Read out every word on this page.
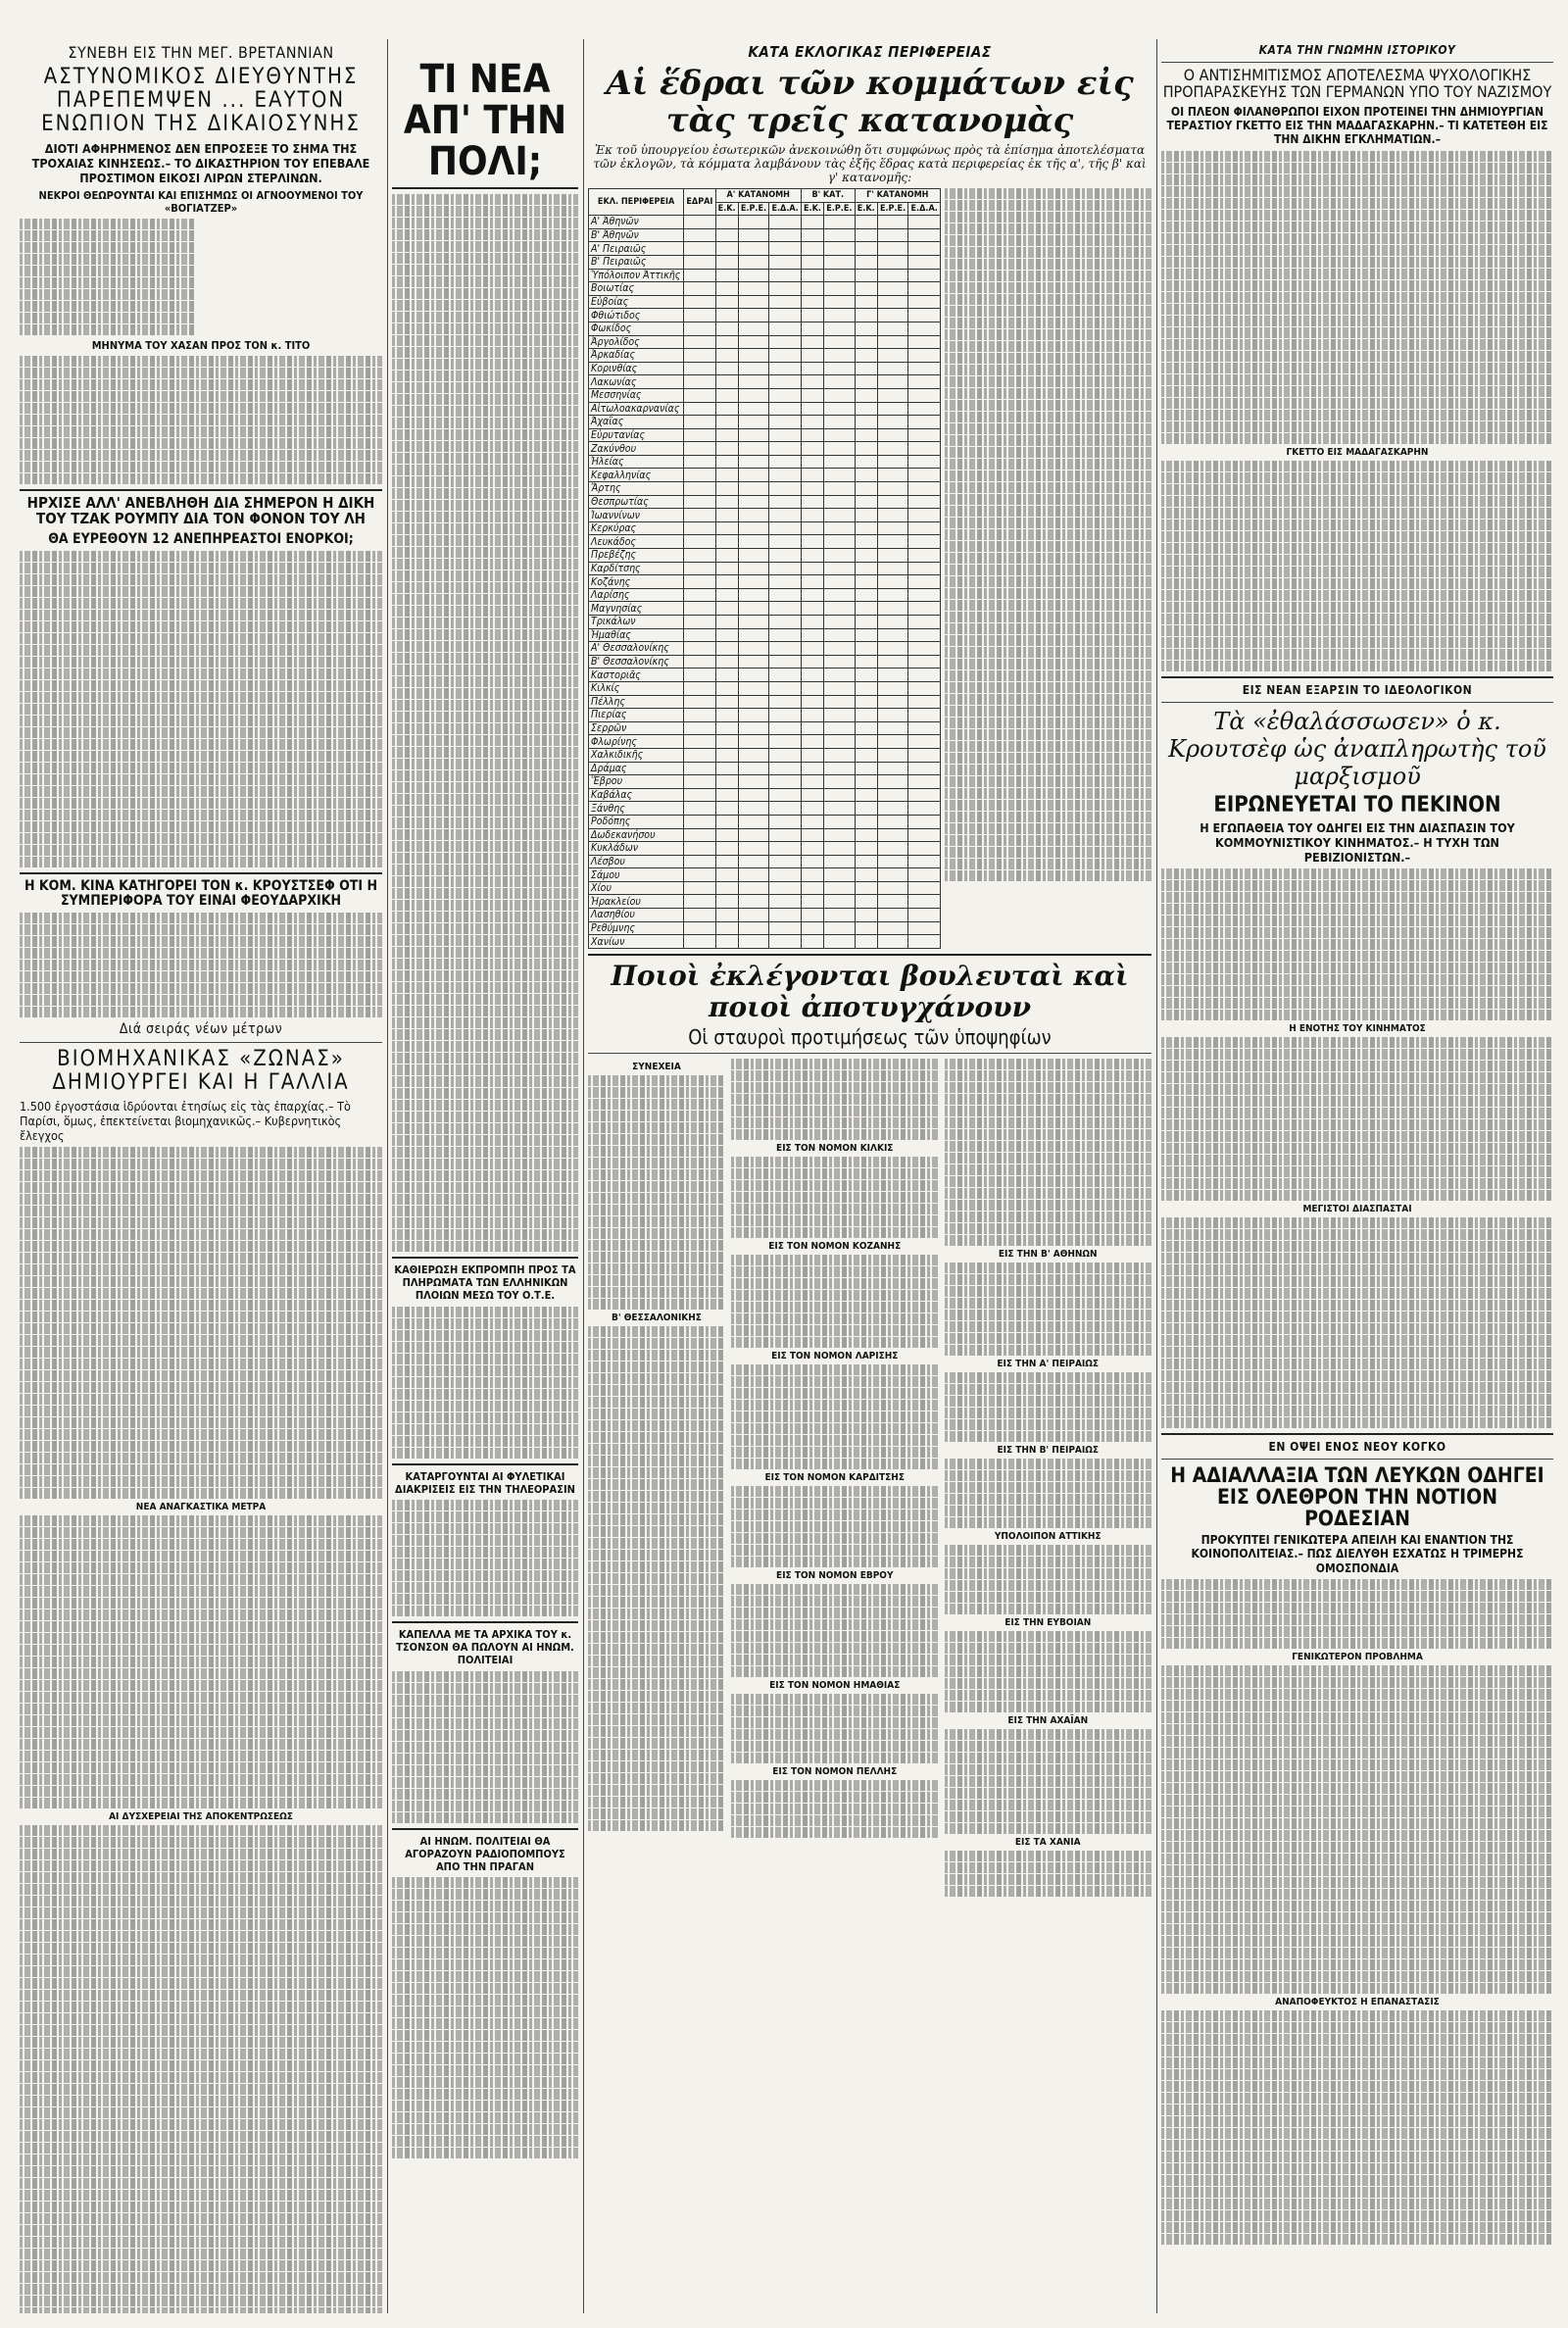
ΣΥΝΕΒΗ ΕΙΣ ΤΗΝ ΜΕΓ. ΒΡΕΤΑΝΝΙΑΝ
ΑΣΤΥΝΟΜΙΚΟΣ ΔΙΕΥΘΥΝΤΗΣ ΠΑΡΕΠΕΜΨΕΝ ... ΕΑΥΤΟΝ ΕΝΩΠΙΟΝ ΤΗΣ ΔΙΚΑΙΟΣΥΝΗΣ
ΔΙΟΤΙ ΑΦΗΡΗΜΕΝΟΣ ΔΕΝ ΕΠΡΟΣΕΞΕ ΤΟ ΣΗΜΑ ΤΗΣ ΤΡΟΧΑΙΑΣ ΚΙΝΗΣΕΩΣ.– ΤΟ ΔΙΚΑΣΤΗΡΙΟΝ ΤΟΥ ΕΠΕΒΑΛΕ ΠΡΟΣΤΙΜΟΝ ΕΙΚΟΣΙ ΛΙΡΩΝ ΣΤΕΡΛΙΝΩΝ.
ΝΕΚΡΟΙ ΘΕΩΡΟΥΝΤΑΙ ΚΑΙ ΕΠΙΣΗΜΩΣ ΟΙ ΑΓΝΟΟΥΜΕΝΟΙ ΤΟΥ «ΒΟΓΙΑΤΖΕΡ»
ΜΗΝΥΜΑ ΤΟΥ ΧΑΣΑΝ ΠΡΟΣ ΤΟΝ κ. ΤΙΤΟ
ΗΡΧΙΣΕ ΑΛΛ' ΑΝΕΒΛΗΘΗ ΔΙΑ ΣΗΜΕΡΟΝ Η ΔΙΚΗ ΤΟΥ ΤΖΑΚ ΡΟΥΜΠΥ ΔΙΑ ΤΟΝ ΦΟΝΟΝ ΤΟΥ ΛΗ
ΘΑ ΕΥΡΕΘΟΥΝ 12 ΑΝΕΠΗΡΕΑΣΤΟΙ ΕΝΟΡΚΟΙ;
Η ΚΟΜ. ΚΙΝΑ ΚΑΤΗΓΟΡΕΙ ΤΟΝ κ. ΚΡΟΥΣΤΣΕΦ ΟΤΙ Η ΣΥΜΠΕΡΙΦΟΡΑ ΤΟΥ ΕΙΝΑΙ ΦΕΟΥΔΑΡΧΙΚΗ
Διά σειράς νέων μέτρων
ΒΙΟΜΗΧΑΝΙΚΑΣ «ΖΩΝΑΣ» ΔΗΜΙΟΥΡΓΕΙ ΚΑΙ Η ΓΑΛΛΙΑ
1.500 ἐργοστάσια ἱδρύονται ἐτησίως εἰς τὰς ἐπαρχίας.– Τὸ Παρίσι, ὅμως, ἐπεκτείνεται βιομηχανικῶς.– Κυβερνητικὸς ἔλεγχος
ΝΕΑ ΑΝΑΓΚΑΣΤΙΚΑ ΜΕΤΡΑ
ΑΙ ΔΥΣΧΕΡΕΙΑΙ ΤΗΣ ΑΠΟΚΕΝΤΡΩΣΕΩΣ
ΤΙ ΝΕΑ ΑΠ' ΤΗΝ ΠΟΛΙ;
ΚΑΘΙΕΡΩΣΗ ΕΚΠΡΟΜΠΗ ΠΡΟΣ ΤΑ ΠΛΗΡΩΜΑΤΑ ΤΩΝ ΕΛΛΗΝΙΚΩΝ ΠΛΟΙΩΝ ΜΕΣΩ ΤΟΥ Ο.Τ.Ε.
ΚΑΤΑΡΓΟΥΝΤΑΙ ΑΙ ΦΥΛΕΤΙΚΑΙ ΔΙΑΚΡΙΣΕΙΣ ΕΙΣ ΤΗΝ ΤΗΛΕΟΡΑΣΙΝ
ΚΑΠΕΛΛΑ ΜΕ ΤΑ ΑΡΧΙΚΑ ΤΟΥ κ. ΤΣΟΝΣΟΝ ΘΑ ΠΩΛΟΥΝ ΑΙ ΗΝΩΜ. ΠΟΛΙΤΕΙΑΙ
ΑΙ ΗΝΩΜ. ΠΟΛΙΤΕΙΑΙ ΘΑ ΑΓΟΡΑΖΟΥΝ ΡΑΔΙΟΠΟΜΠΟΥΣ ΑΠΟ ΤΗΝ ΠΡΑΓΑΝ
ΚΑΤΑ ΕΚΛΟΓΙΚΑΣ ΠΕΡΙΦΕΡΕΙΑΣ
Αἱ ἕδραι τῶν κομμάτων εἰς τὰς τρεῖς κατανομὰς
Ἐκ τοῦ ὑπουργείου ἐσωτερικῶν ἀνεκοινώθη ὅτι συμφώνως πρὸς τὰ ἐπίσημα ἀποτελέσματα τῶν ἐκλογῶν, τὰ κόμματα λαμβάνουν τὰς ἑξῆς ἕδρας κατὰ περιφερείας ἐκ τῆς α', τῆς β' καὶ γ' κατανομῆς:
ΕΚΛ. ΠΕΡΙΦΕΡΕΙΑ	ΕΔΡΑΙ	Α' ΚΑΤΑΝΟΜΗ			Β' ΚΑΤ.		Γ' ΚΑΤΑΝΟΜΗ		
		Ε.Κ.	Ε.Ρ.Ε.	Ε.Δ.Α.	Ε.Κ.	Ε.Ρ.Ε.	Ε.Κ.	Ε.Ρ.Ε.	Ε.Δ.Α.
Α' Ἀθηνῶν									
Β' Ἀθηνῶν									
Α' Πειραιῶς									
Β' Πειραιῶς									
Ὑπόλοιπον Ἀττικῆς									
Βοιωτίας									
Εὐβοίας									
Φθιώτιδος									
Φωκίδος									
Ἀργολίδος									
Ἀρκαδίας									
Κορινθίας									
Λακωνίας									
Μεσσηνίας									
Αἰτωλοακαρνανίας									
Ἀχαΐας									
Εὐρυτανίας									
Ζακύνθου									
Ἠλείας									
Κεφαλληνίας									
Ἄρτης									
Θεσπρωτίας									
Ἰωαννίνων									
Κερκύρας									
Λευκάδος									
Πρεβέζης									
Καρδίτσης									
Κοζάνης									
Λαρίσης									
Μαγνησίας									
Τρικάλων									
Ἠμαθίας									
Α' Θεσσαλονίκης									
Β' Θεσσαλονίκης									
Καστοριᾶς									
Κιλκίς									
Πέλλης									
Πιερίας									
Σερρῶν									
Φλωρίνης									
Χαλκιδικῆς									
Δράμας									
Ἕβρου									
Καβάλας									
Ξάνθης									
Ροδόπης									
Δωδεκανήσου									
Κυκλάδων									
Λέσβου									
Σάμου									
Χίου									
Ἡρακλείου									
Λασηθίου									
Ρεθύμνης									
Χανίων									
Ποιοὶ ἐκλέγονται βουλευταὶ καὶ ποιοὶ ἀποτυγχάνουν
Οἱ σταυροὶ προτιμήσεως τῶν ὑποψηφίων
ΣΥΝΕΧΕΙΑ
Β' ΘΕΣΣΑΛΟΝΙΚΗΣ
ΕΙΣ ΤΟΝ ΝΟΜΟΝ ΚΙΛΚΙΣ
ΕΙΣ ΤΟΝ ΝΟΜΟΝ ΚΟΖΑΝΗΣ
ΕΙΣ ΤΟΝ ΝΟΜΟΝ ΛΑΡΙΣΗΣ
ΕΙΣ ΤΟΝ ΝΟΜΟΝ ΚΑΡΔΙΤΣΗΣ
ΕΙΣ ΤΟΝ ΝΟΜΟΝ ΕΒΡΟΥ
ΕΙΣ ΤΟΝ ΝΟΜΟΝ ΗΜΑΘΙΑΣ
ΕΙΣ ΤΟΝ ΝΟΜΟΝ ΠΕΛΛΗΣ
ΕΙΣ ΤΗΝ Β' ΑΘΗΝΩΝ
ΕΙΣ ΤΗΝ Α' ΠΕΙΡΑΙΩΣ
ΕΙΣ ΤΗΝ Β' ΠΕΙΡΑΙΩΣ
ΥΠΟΛΟΙΠΟΝ ΑΤΤΙΚΗΣ
ΕΙΣ ΤΗΝ ΕΥΒΟΙΑΝ
ΕΙΣ ΤΗΝ ΑΧΑΪΑΝ
ΕΙΣ ΤΑ ΧΑΝΙΑ
ΚΑΤΑ ΤΗΝ ΓΝΩΜΗΝ ΙΣΤΟΡΙΚΟΥ
Ο ΑΝΤΙΣΗΜΙΤΙΣΜΟΣ ΑΠΟΤΕΛΕΣΜΑ ΨΥΧΟΛΟΓΙΚΗΣ ΠΡΟΠΑΡΑΣΚΕΥΗΣ ΤΩΝ ΓΕΡΜΑΝΩΝ ΥΠΟ ΤΟΥ ΝΑΖΙΣΜΟΥ
ΟΙ ΠΛΕΟΝ ΦΙΛΑΝΘΡΩΠΟΙ ΕΙΧΟΝ ΠΡΟΤΕΙΝΕΙ ΤΗΝ ΔΗΜΙΟΥΡΓΙΑΝ ΤΕΡΑΣΤΙΟΥ ΓΚΕΤΤΟ ΕΙΣ ΤΗΝ ΜΑΔΑΓΑΣΚΑΡΗΝ.– ΤΙ ΚΑΤΕΤΕΘΗ ΕΙΣ ΤΗΝ ΔΙΚΗΝ ΕΓΚΛΗΜΑΤΙΩΝ.–
ΓΚΕΤΤΟ ΕΙΣ ΜΑΔΑΓΑΣΚΑΡΗΝ
ΕΙΣ ΝΕΑΝ ΕΞΑΡΣΙΝ ΤΟ ΙΔΕΟΛΟΓΙΚΟΝ
Τὰ «ἐθαλάσσωσεν» ὁ κ. Κρουτσὲφ ὡς ἀναπληρωτὴς τοῦ μαρξισμοῦ
ΕΙΡΩΝΕΥΕΤΑΙ ΤΟ ΠΕΚΙΝΟΝ
Η ΕΓΩΠΑΘΕΙΑ ΤΟΥ ΟΔΗΓΕΙ ΕΙΣ ΤΗΝ ΔΙΑΣΠΑΣΙΝ ΤΟΥ ΚΟΜΜΟΥΝΙΣΤΙΚΟΥ ΚΙΝΗΜΑΤΟΣ.– Η ΤΥΧΗ ΤΩΝ ΡΕΒΙΖΙΟΝΙΣΤΩΝ.–
Η ΕΝΟΤΗΣ ΤΟΥ ΚΙΝΗΜΑΤΟΣ
ΜΕΓΙΣΤΟΙ ΔΙΑΣΠΑΣΤΑΙ
ΕΝ ΟΨΕΙ ΕΝΟΣ ΝΕΟΥ ΚΟΓΚΟ
Η ΑΔΙΑΛΛΑΞΙΑ ΤΩΝ ΛΕΥΚΩΝ ΟΔΗΓΕΙ ΕΙΣ ΟΛΕΘΡΟΝ ΤΗΝ ΝΟΤΙΟΝ ΡΟΔΕΣΙΑΝ
ΠΡΟΚΥΠΤΕΙ ΓΕΝΙΚΩΤΕΡΑ ΑΠΕΙΛΗ ΚΑΙ ΕΝΑΝΤΙΟΝ ΤΗΣ ΚΟΙΝΟΠΟΛΙΤΕΙΑΣ.– ΠΩΣ ΔΙΕΛΥΘΗ ΕΣΧΑΤΩΣ Η ΤΡΙΜΕΡΗΣ ΟΜΟΣΠΟΝΔΙΑ
ΓΕΝΙΚΩΤΕΡΟΝ ΠΡΟΒΛΗΜΑ
ΑΝΑΠΟΦΕΥΚΤΟΣ Η ΕΠΑΝΑΣΤΑΣΙΣ
